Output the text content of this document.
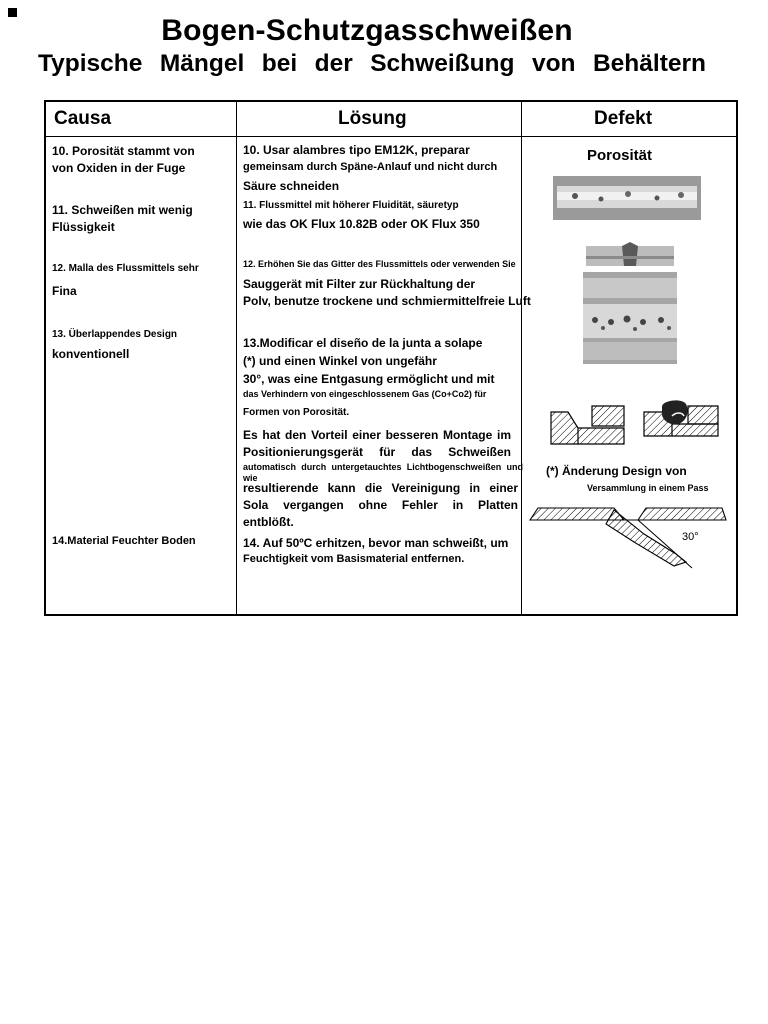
Bogen-Schutzgasschweißen
Typische Mängel bei der Schweißung von Behältern
Causa	Lösung	Defekt
10. Porosität stammt von
von Oxiden in der Fuge
11. Schweißen mit wenig
Flüssigkeit
12. Malla des Flussmittels sehr
Fina
13. Überlappendes Design
konventionell
14.Material Feuchter Boden
10. Usar alambres tipo EM12K, preparar
gemeinsam durch Späne-Anlauf und nicht durch
Säure schneiden
11. Flussmittel mit höherer Fluidität, säuretyp
wie das OK Flux 10.82B oder OK Flux 350
12. Erhöhen Sie das Gitter des Flussmittels oder verwenden Sie
Sauggerät mit Filter zur Rückhaltung der
Polv, benutze trockene und schmiermittelfreie Luft
13.Modificar el diseño de la junta a solape
(*) und einen Winkel von ungefähr
30°, was eine Entgasung ermöglicht und mit
das Verhindern von eingeschlossenem Gas (Co+Co2) für
Formen von Porosität.
Es hat den Vorteil einer besseren Montage im
Positionierungsgerät für das Schweißen
automatisch durch untergetauchtes Lichtbogenschweißen und wie
resultierende kann die Vereinigung in einer
Sola vergangen ohne Fehler in Platten
entblößt.
14. Auf 50ºC erhitzen, bevor man schweißt, um
Feuchtigkeit vom Basismaterial entfernen.
Porosität
(*) Änderung Design von
Versammlung in einem Pass
30°
